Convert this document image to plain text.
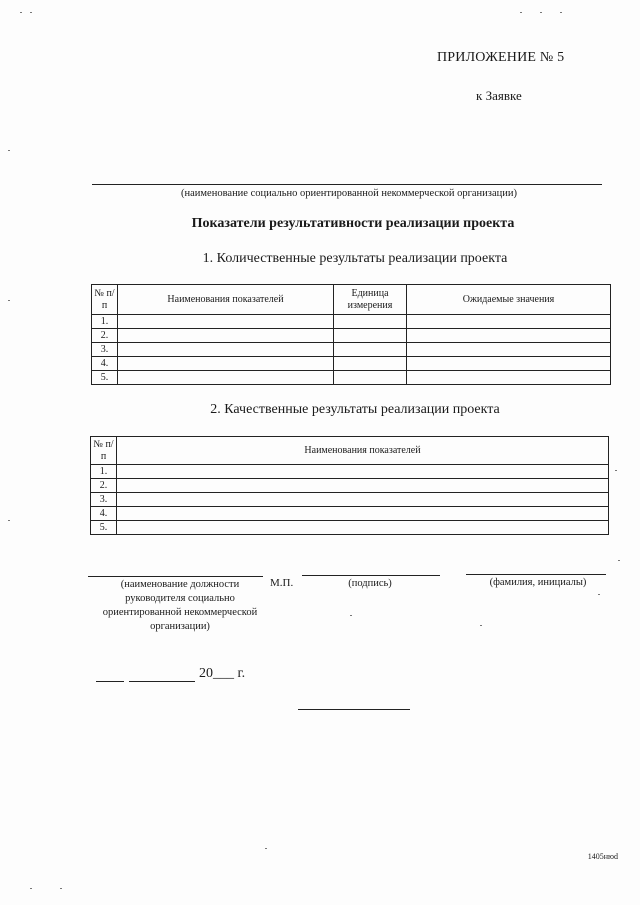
ПРИЛОЖЕНИЕ № 5
к Заявке
(наименование социально ориентированной некоммерческой организации)
Показатели результативности реализации проекта
1. Количественные результаты реализации проекта
№ п/п	Наименования показателей	Единица измерения	Ожидаемые значения
1.			
2.			
3.			
4.			
5.			
2. Качественные результаты реализации проекта
№ п/п	Наименования показателей
1.	
2.	
3.	
4.	
5.	
(наименование должности руководителя социально ориентированной некоммерческой организации)
М.П.	(подпись)	(фамилия, инициалы)
20___ г.
1405нюd
